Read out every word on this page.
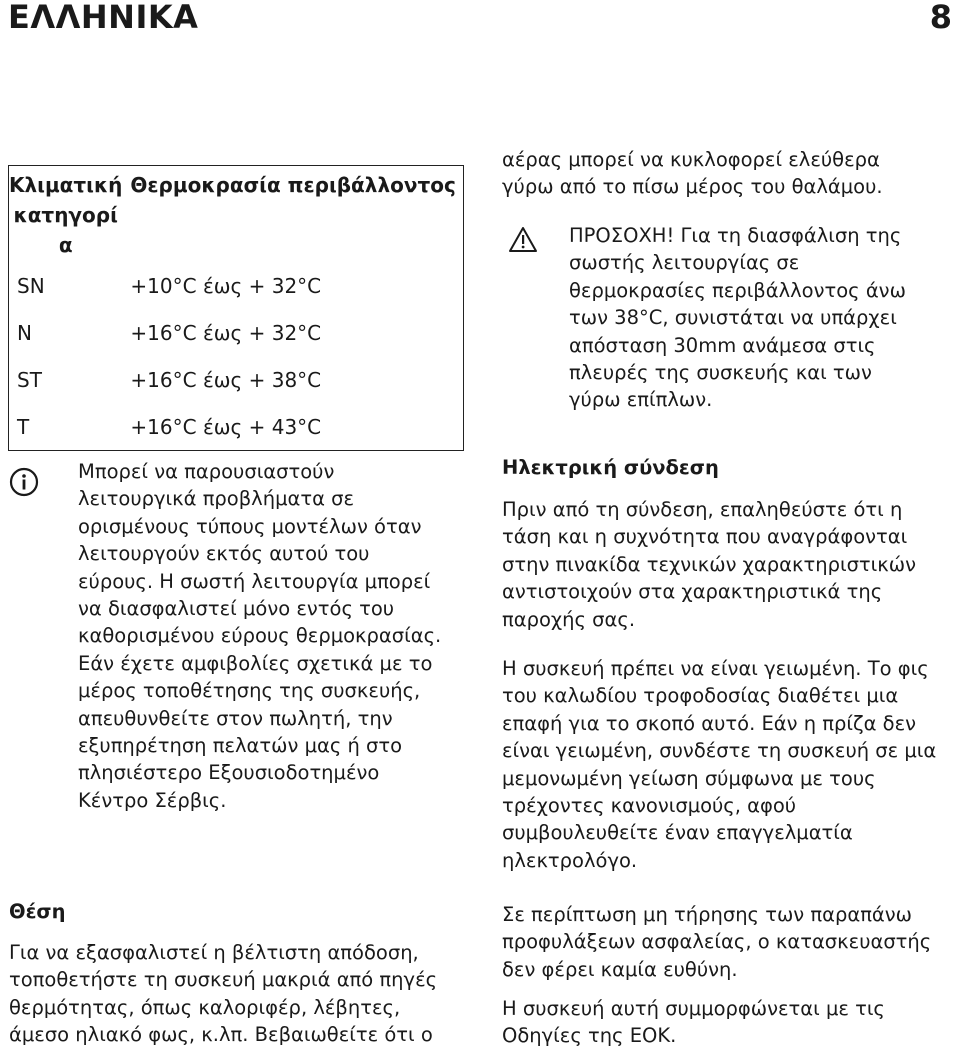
ΕΛΛΗΝΙΚΑ	8
Κλιματική κατηγορί α	Θερμοκρασία περιβάλλοντος
SN	+10°C έως + 32°C
N	+16°C έως + 32°C
ST	+16°C έως + 38°C
T	+16°C έως + 43°C
Μπορεί να παρουσιαστούν λειτουργικά προβλήματα σε ορισμένους τύπους μοντέλων όταν λειτουργούν εκτός αυτού του εύρους. Η σωστή λειτουργία μπορεί να διασφαλιστεί μόνο εντός του καθορισμένου εύρους θερμοκρασίας. Εάν έχετε αμφιβολίες σχετικά με το μέρος τοποθέτησης της συσκευής, απευθυνθείτε στον πωλητή, την εξυπηρέτηση πελατών μας ή στο πλησιέστερο Εξουσιοδοτημένο Κέντρο Σέρβις.
Θέση
Για να εξασφαλιστεί η βέλτιστη απόδοση, τοποθετήστε τη συσκευή μακριά από πηγές θερμότητας, όπως καλοριφέρ, λέβητες, άμεσο ηλιακό φως, κ.λπ. Βεβαιωθείτε ότι ο
αέρας μπορεί να κυκλοφορεί ελεύθερα γύρω από το πίσω μέρος του θαλάμου.
ΠΡΟΣΟΧΗ! Για τη διασφάλιση της σωστής λειτουργίας σε θερμοκρασίες περιβάλλοντος άνω των 38°C, συνιστάται να υπάρχει απόσταση 30mm ανάμεσα στις πλευρές της συσκευής και των γύρω επίπλων.
Ηλεκτρική σύνδεση
Πριν από τη σύνδεση, επαληθεύστε ότι η τάση και η συχνότητα που αναγράφονται στην πινακίδα τεχνικών χαρακτηριστικών αντιστοιχούν στα χαρακτηριστικά της παροχής σας.
Η συσκευή πρέπει να είναι γειωμένη. Το φις του καλωδίου τροφοδοσίας διαθέτει μια επαφή για το σκοπό αυτό. Εάν η πρίζα δεν είναι γειωμένη, συνδέστε τη συσκευή σε μια μεμονωμένη γείωση σύμφωνα με τους τρέχοντες κανονισμούς, αφού συμβουλευθείτε έναν επαγγελματία ηλεκτρολόγο.
Σε περίπτωση μη τήρησης των παραπάνω προφυλάξεων ασφαλείας, ο κατασκευαστής δεν φέρει καμία ευθύνη.
Η συσκευή αυτή συμμορφώνεται με τις Οδηγίες της ΕΟΚ.
